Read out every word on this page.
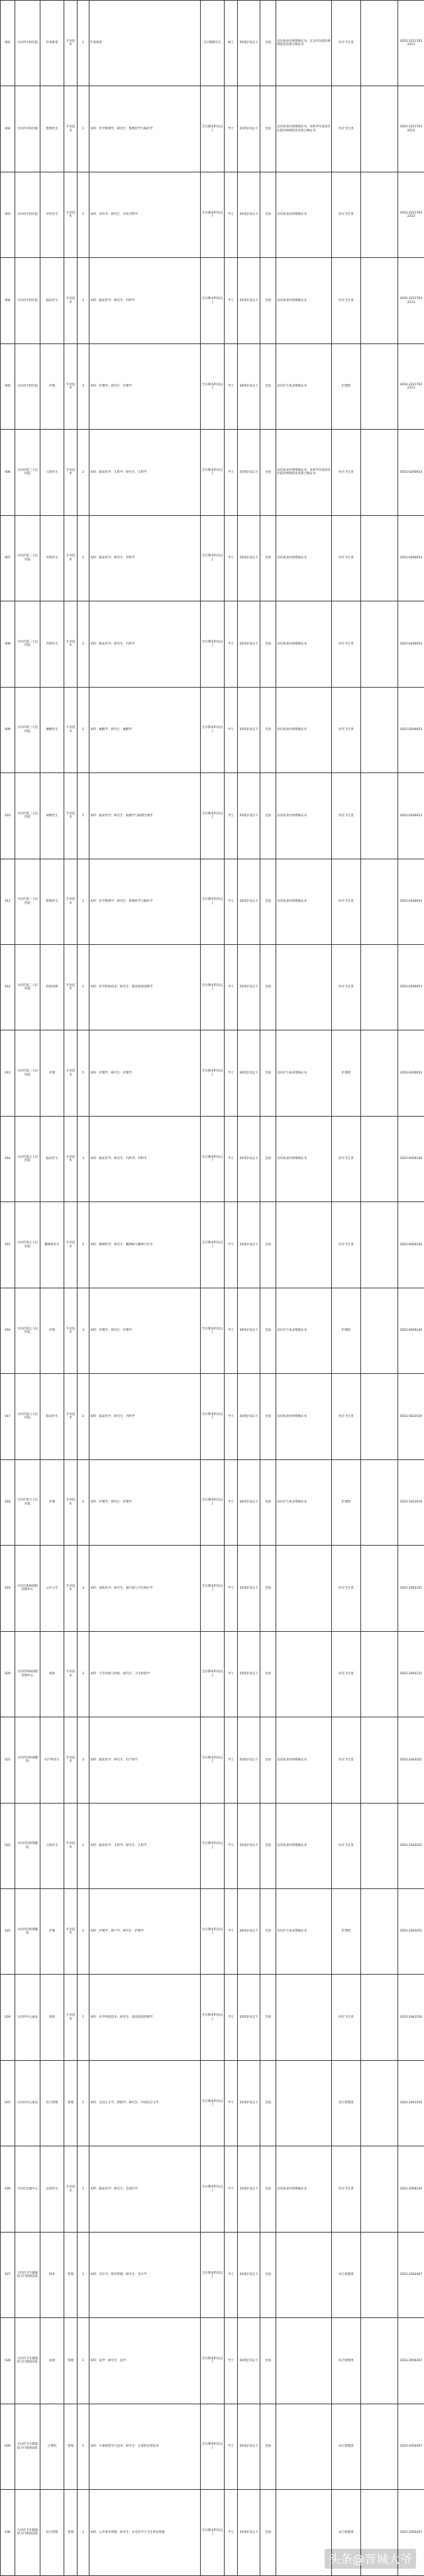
001	大同市中医医院	针灸推拿	专业技术	1	针灸推拿	全日制研究生	硕士	35周岁及以下	全国	具有执业医师资格证书，且具有住院医师规范化培训合格证书	医疗卫生类		0352-2221703 2213
002	大同市中医医院	影像医生	专业技术	1	本科：医学影像学；研究生：影像医学与核医学	全日制本科及以上	学士	35周岁及以下	全国	具有执业医师资格证书，本科学历需具有住院医师规范化培训合格证书	医疗卫生类		0352-2221703 2213
003	大同市中医医院	中医医生	专业技术	2	本科：中医学；研究生：中医内科学	全日制本科及以上	学士	35周岁及以下	全国	具有执业医师资格证书	医疗卫生类		0352-2221703 2213
004	大同市中医医院	临床医生	专业技术	2	本科：临床医学；研究生：内科学	全日制本科及以上	学士	35周岁及以下	全国	具有执业医师资格证书	医疗卫生类		0352-2221703 2213
005	大同市中医医院	护理	专业技术	3	本科：护理学；研究生：护理学	全日制本科及以上	学士	30周岁及以下	全国	具有护士执业资格证书	护理类		0352-2221703 2213
006	大同市第三人民医院	儿科医生	专业技术	2	本科：临床医学、儿科学；研究生：儿科学	全日制本科及以上	学士	35周岁及以下	全国	具有执业医师资格证书，本科学历需具有住院医师规范化培训合格证书	医疗卫生类		0352-6200053
007	大同市第三人民医院	外科医生	专业技术	2	本科：临床医学；研究生：外科学	全日制本科及以上	学士	35周岁及以下	全国	具有执业医师资格证书	医疗卫生类		0352-6200053
008	大同市第三人民医院	内科医生	专业技术	2	本科：临床医学；研究生：内科学	全日制本科及以上	学士	35周岁及以下	全国	具有执业医师资格证书	医疗卫生类		0352-6200053
009	大同市第三人民医院	麻醉医生	专业技术	1	本科：麻醉学；研究生：麻醉学	全日制本科及以上	学士	35周岁及以下	全国	具有执业医师资格证书	医疗卫生类		0352-6200053
010	大同市第三人民医院	病理医生	专业技术	1	本科：临床医学；研究生：病理学与病理生理学	全日制本科及以上	学士	35周岁及以下	全国	具有执业医师资格证书	医疗卫生类		0352-6200053
011	大同市第三人民医院	影像医生	专业技术	1	本科：医学影像学；研究生：影像医学与核医学	全日制本科及以上	学士	35周岁及以下	全国	具有执业医师资格证书	医疗卫生类		0352-6200053
012	大同市第三人民医院	检验技师	专业技术	1	本科：医学检验技术；研究生：临床检验诊断学	全日制本科及以上	学士	35周岁及以下	全国		医疗卫生类		0352-6200053
013	大同市第三人民医院	护理	专业技术	5	本科：护理学；研究生：护理学	全日制本科及以上	学士	30周岁及以下	全国	具有护士执业资格证书	护理类		0352-6200053
014	大同市第五人民医院	临床医生	专业技术	3	本科：临床医学；研究生：内科学、外科学	全日制本科及以上	学士	35周岁及以下	全国	具有执业医师资格证书	医疗卫生类		0352-6026126
015	大同市第五人民医院	精神科医生	专业技术	2	本科：精神医学；研究生：精神病与精神卫生学	全日制本科及以上	学士	35周岁及以下	全国		医疗卫生类		0352-6026126
016	大同市第五人民医院	护理	专业技术	3	本科：护理学；研究生：护理学	全日制本科及以上	学士	30周岁及以下	全国	具有护士执业资格证书	护理类		0352-6026126
017	大同市第六人民医院	临床医生	专业技术	2	本科：临床医学；研究生：内科学	全日制本科及以上	学士	35周岁及以下	全国	具有执业医师资格证书	医疗卫生类		0352-5023519
018	大同市第六人民医院	护理	专业技术	2	本科：护理学；研究生：护理学	全日制本科及以上	学士	30周岁及以下	全国	具有护士执业资格证书	护理类		0352-5023519
019	大同市疾病预防控制中心	公共卫生	专业技术	3	本科：预防医学；研究生：流行病与卫生统计学	全日制本科及以上	学士	35周岁及以下	全国		医疗卫生类		0352-2045121
020	大同市疾病预防控制中心	检验	专业技术	2	本科：卫生检验与检疫；研究生：卫生检验学	全日制本科及以上	学士	35周岁及以下	全国		医疗卫生类		0352-2045121
021	大同市妇幼保健院	妇产科医生	专业技术	2	本科：临床医学；研究生：妇产科学	全日制本科及以上	学士	35周岁及以下	全国	具有执业医师资格证书	医疗卫生类		0352-2043251
022	大同市妇幼保健院	儿科医生	专业技术	2	本科：临床医学、儿科学；研究生：儿科学	全日制本科及以上	学士	35周岁及以下	全国	具有执业医师资格证书	医疗卫生类		0352-2043251
023	大同市妇幼保健院	护理	专业技术	2	本科：护理学、助产学；研究生：护理学	全日制本科及以上	学士	30周岁及以下	全国	具有护士执业资格证书	护理类		0352-2043251
024	大同市中心血站	检验	专业技术	1	本科：医学检验技术；研究生：临床检验诊断学	全日制本科及以上	学士	35周岁及以下	全国		医疗卫生类		0352-2041516
025	大同市中心血站	综合管理	管理	1	本科：汉语言文学、新闻学；研究生：中国语言文学	全日制本科及以上	学士	35周岁及以下	全国		综合管理类		0352-2041516
026	大同市急救中心	急诊医生	专业技术	2	本科：临床医学；研究生：急诊医学	全日制本科及以上	学士	35周岁及以下	全国	具有执业医师资格证书	医疗卫生类		0352-2058120
027	大同市卫生健康综合行政执法队	财务	管理	1	本科：会计学、财务管理；研究生：会计学	全日制本科及以上	学士	35周岁及以下	全国		综合管理类		0352-2050307
028	大同市卫生健康综合行政执法队	法律	管理	1	本科：法学；研究生：法学	全日制本科及以上	学士	35周岁及以下	全国		综合管理类		0352-2050307
029	大同市卫生健康综合行政执法队	计算机	管理	1	本科：计算机科学与技术；研究生：计算机应用技术	全日制本科及以上	学士	35周岁及以下	全国		综合管理类		0352-2050307
030	大同市卫生健康综合行政执法队	综合管理	管理	1	本科：公共事业管理；研究生：社会医学与卫生事业管理	全日制本科及以上	学士	35周岁及以下	全国		综合管理类		0352-2050307
头条@晋城大爷
